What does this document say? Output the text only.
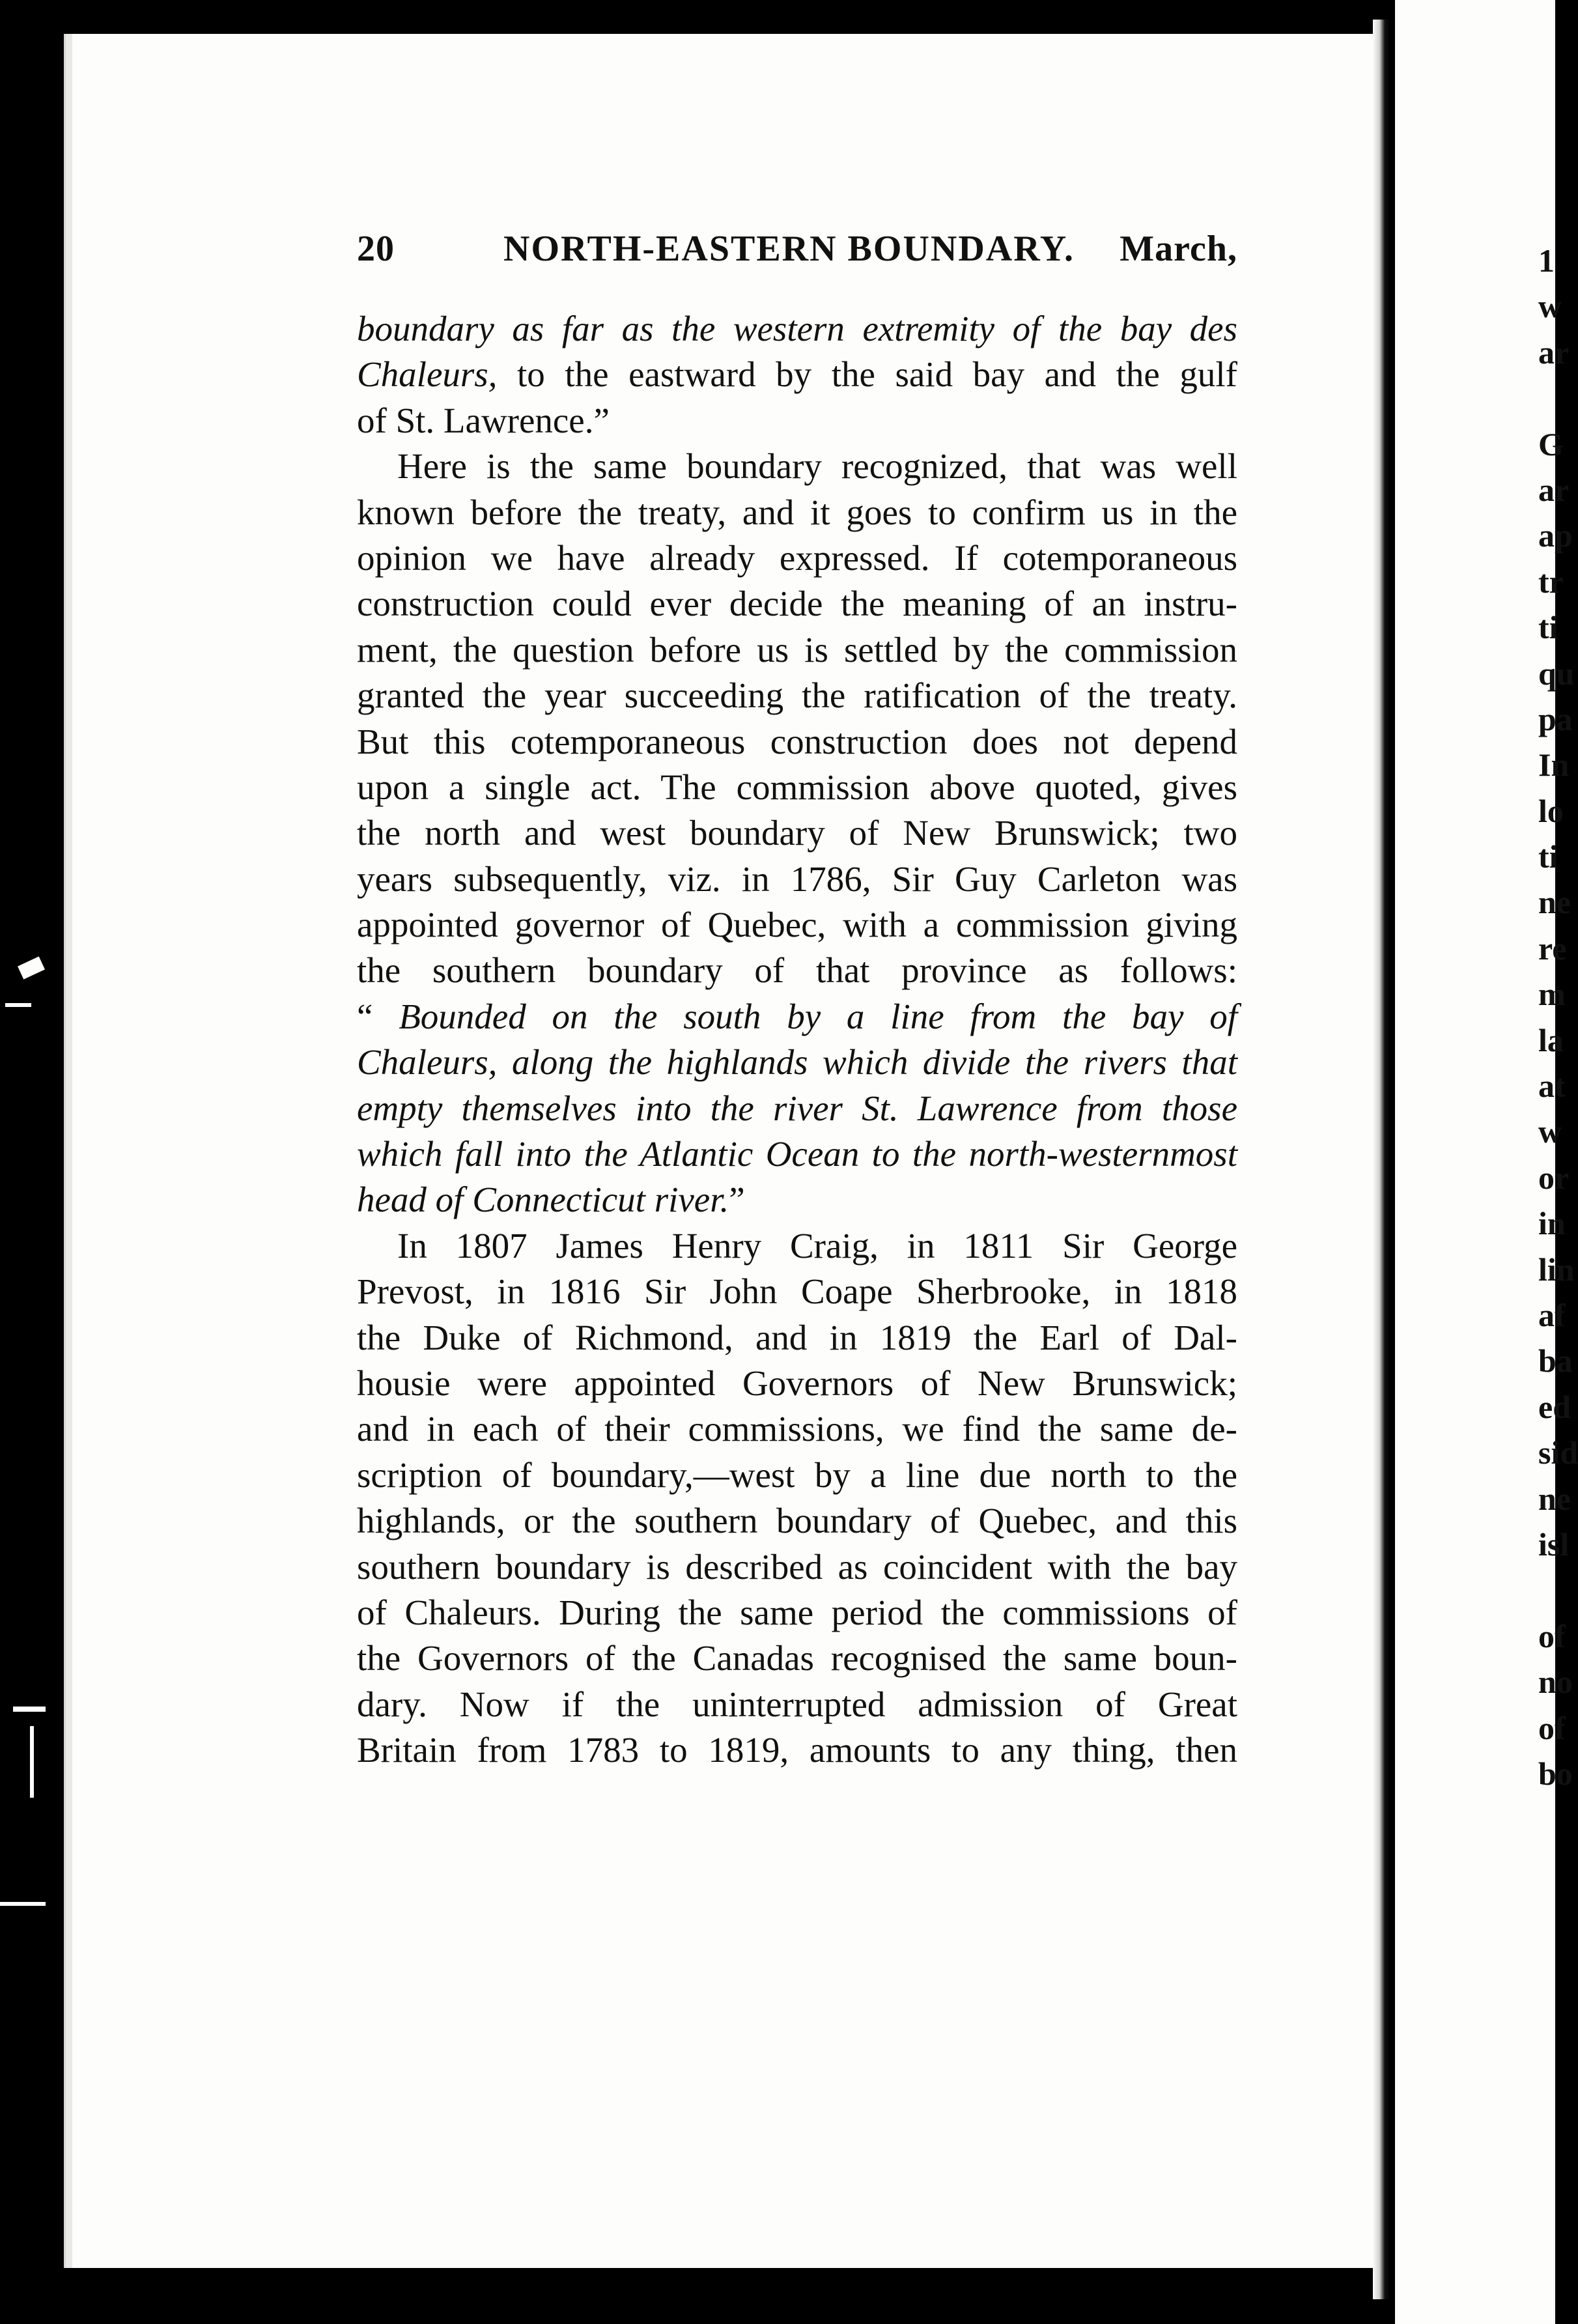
20	NORTH-EASTERN BOUNDARY. March,
boundary as far as the western extremity of the bay des
Chaleurs, to the eastward by the said bay and the gulf
of St. Lawrence.”
Here is the same boundary recognized, that was well
known before the treaty, and it goes to confirm us in the
opinion we have already expressed. If cotemporaneous
construction could ever decide the meaning of an instru-
ment, the question before us is settled by the commission
granted the year succeeding the ratification of the treaty.
But this cotemporaneous construction does not depend
upon a single act. The commission above quoted, gives
the north and west boundary of New Brunswick; two
years subsequently, viz. in 1786, Sir Guy Carleton was
appointed governor of Quebec, with a commission giving
the southern boundary of that province as follows:
“ Bounded on the south by a line from the bay of
Chaleurs, along the highlands which divide the rivers that
empty themselves into the river St. Lawrence from those
which fall into the Atlantic Ocean to the north-westernmost
head of Connecticut river.”
In 1807 James Henry Craig, in 1811 Sir George
Prevost, in 1816 Sir John Coape Sherbrooke, in 1818
the Duke of Richmond, and in 1819 the Earl of Dal-
housie were appointed Governors of New Brunswick;
and in each of their commissions, we find the same de-
scription of boundary,—west by a line due north to the
highlands, or the southern boundary of Quebec, and this
southern boundary is described as coincident with the bay
of Chaleurs. During the same period the commissions of
the Governors of the Canadas recognised the same boun-
dary. Now if the uninterrupted admission of Great
Britain from 1783 to 1819, amounts to any thing, then
1
w
ar
G
ar
ap
tr
ti
qu
pa
In
lo
ti
ne
re
m
la
at
w
or
in
lin
af
ba
ed
sid
ne
isl
of
no
of
bo
